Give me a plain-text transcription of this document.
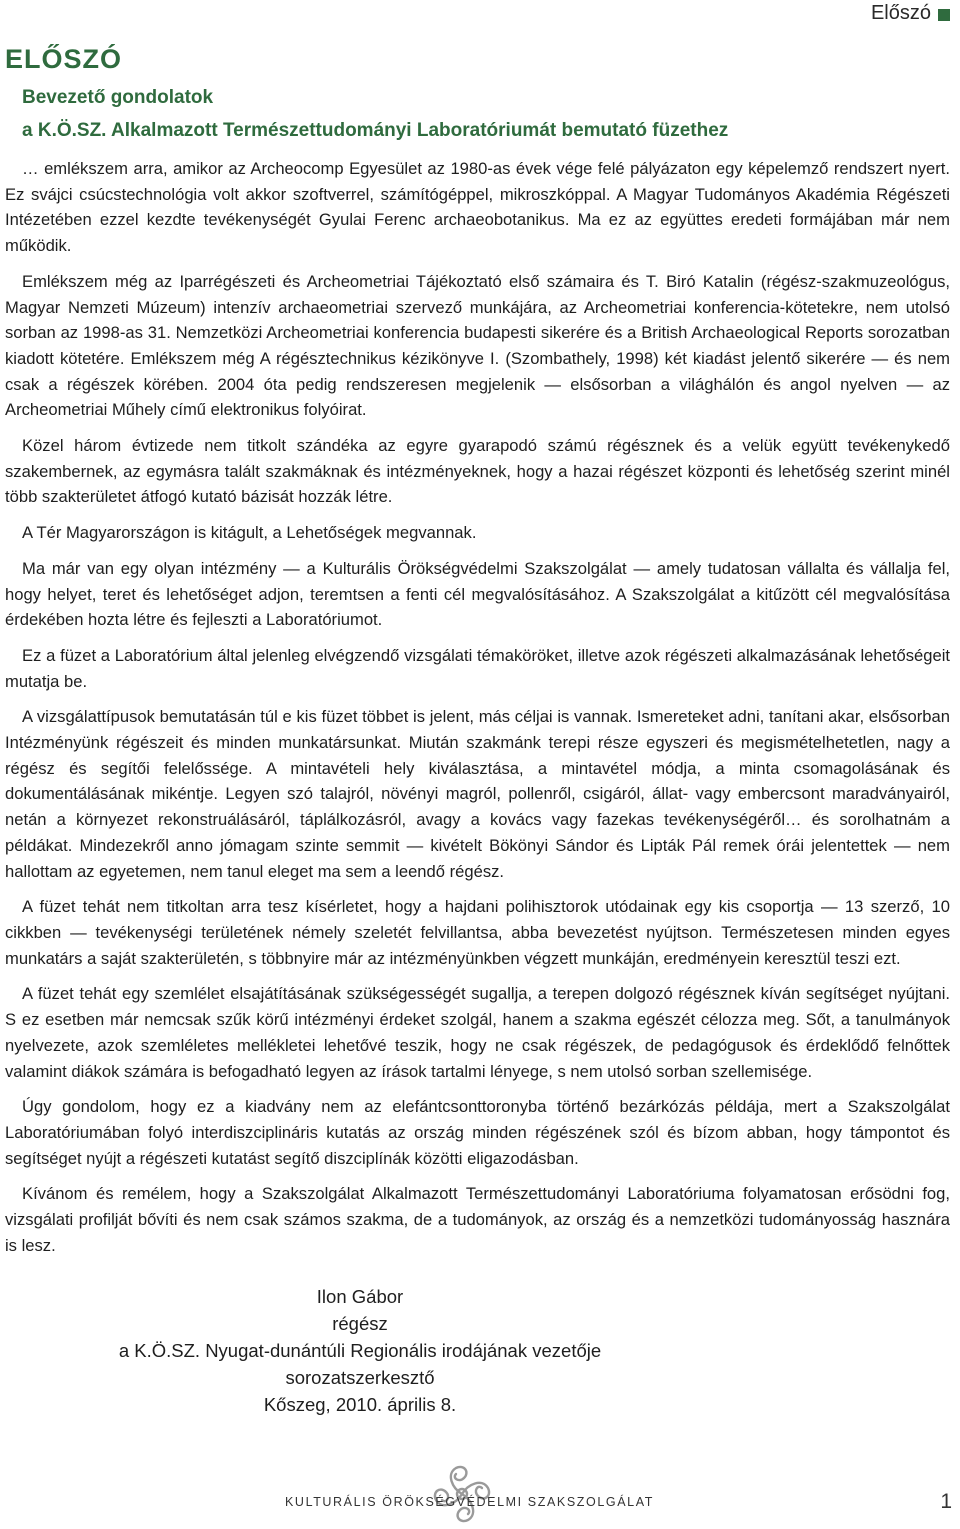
Előszó
ELŐSZÓ
Bevezető gondolatok
a K.Ö.SZ. Alkalmazott Természettudományi Laboratóriumát bemutató füzethez

… emlékszem arra, amikor az Archeocomp Egyesület az 1980-as évek vége felé pályázaton egy képelemző rendszert nyert. Ez svájci csúcstechnológia volt akkor szoftverrel, számítógéppel, mikroszkóppal. A Magyar Tudományos Akadémia Régészeti Intézetében ezzel kezdte tevékenységét Gyulai Ferenc archaeobotanikus. Ma ez az együttes eredeti formájában már nem működik.

Emlékszem még az Iparrégészeti és Archeometriai Tájékoztató első számaira és T. Biró Katalin (régész-szakmuzeológus, Magyar Nemzeti Múzeum) intenzív archaeometriai szervező munkájára, az Archeometriai konferencia-kötetekre, nem utolsó sorban az 1998-as 31. Nemzetközi Archeometriai konferencia budapesti sikerére és a British Archaeological Reports sorozatban kiadott kötetére. Emlékszem még A régésztechnikus kézikönyve I. (Szombathely, 1998) két kiadást jelentő sikerére — és nem csak a régészek körében. 2004 óta pedig rendszeresen megjelenik — elsősorban a világhálón és angol nyelven — az Archeometriai Műhely című elektronikus folyóirat.

Közel három évtizede nem titkolt szándéka az egyre gyarapodó számú régésznek és a velük együtt tevékenykedő szakembernek, az egymásra talált szakmáknak és intézményeknek, hogy a hazai régészet központi és lehetőség szerint minél több szakterületet átfogó kutató bázisát hozzák létre.

A Tér Magyarországon is kitágult, a Lehetőségek megvannak.

Ma már van egy olyan intézmény — a Kulturális Örökségvédelmi Szakszolgálat — amely tudatosan vállalta és vállalja fel, hogy helyet, teret és lehetőséget adjon, teremtsen a fenti cél megvalósításához. A Szakszolgálat a kitűzött cél megvalósítása érdekében hozta létre és fejleszti a Laboratóriumot.

Ez a füzet a Laboratórium által jelenleg elvégzendő vizsgálati témaköröket, illetve azok régészeti alkalmazásának lehetőségeit mutatja be.

A vizsgálattípusok bemutatásán túl e kis füzet többet is jelent, más céljai is vannak. Ismereteket adni, tanítani akar, elsősorban Intézményünk régészeit és minden munkatársunkat. Miután szakmánk terepi része egyszeri és megismételhetetlen, nagy a régész és segítői felelőssége. A mintavételi hely kiválasztása, a mintavétel módja, a minta csomagolásának és dokumentálásának mikéntje. Legyen szó talajról, növényi magról, pollenről, csigáról, állat- vagy embercsont maradványairól, netán a környezet rekonstruálásáról, táplálkozásról, avagy a kovács vagy fazekas tevékenységéről… és sorolhatnám a példákat. Mindezekről anno jómagam szinte semmit — kivételt Bökönyi Sándor és Lipták Pál remek órái jelentettek — nem hallottam az egyetemen, nem tanul eleget ma sem a leendő régész.

A füzet tehát nem titkoltan arra tesz kísérletet, hogy a hajdani polihisztorok utódainak egy kis csoportja — 13 szerző, 10 cikkben — tevékenységi területének némely szeletét felvillantsa, abba bevezetést nyújtson. Természetesen minden egyes munkatárs a saját szakterületén, s többnyire már az intézményünkben végzett munkáján, eredményein keresztül teszi ezt.

A füzet tehát egy szemlélet elsajátításának szükségességét sugallja, a terepen dolgozó régésznek kíván segítséget nyújtani. S ez esetben már nemcsak szűk körű intézményi érdeket szolgál, hanem a szakma egészét célozza meg. Sőt, a tanulmányok nyelvezete, azok szemléletes mellékletei lehetővé teszik, hogy ne csak régészek, de pedagógusok és érdeklődő felnőttek valamint diákok számára is befogadható legyen az írások tartalmi lényege, s nem utolsó sorban szellemisége.

Úgy gondolom, hogy ez a kiadvány nem az elefántcsonttoronyba történő bezárkózás példája, mert a Szakszolgálat Laboratóriumában folyó interdiszciplináris kutatás az ország minden régészének szól és bízom abban, hogy támpontot és segítséget nyújt a régészeti kutatást segítő diszciplínák közötti eligazodásban.

Kívánom és remélem, hogy a Szakszolgálat Alkalmazott Természettudományi Laboratóriuma folyamatosan erősödni fog, vizsgálati profilját bővíti és nem csak számos szakma, de a tudományok, az ország és a nemzetközi tudományosság hasznára is lesz.

Ilon Gábor
régész
a K.Ö.SZ. Nyugat-dunántúli Regionális irodájának vezetője
sorozatszerkesztő
Kőszeg, 2010. április 8.
KULTURÁLIS ÖRÖKSÉGVÉDELMI SZAKSZOLGÁLAT	1
